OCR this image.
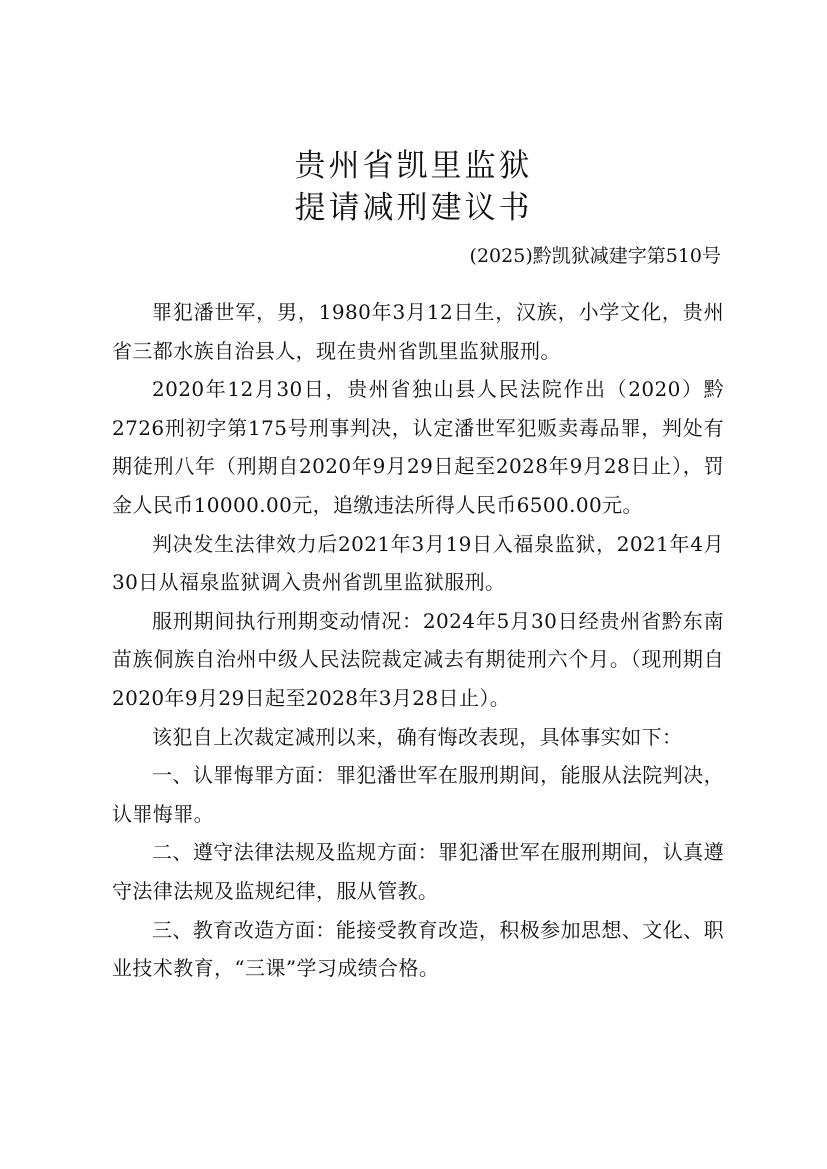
贵州省凯里监狱
提请减刑建议书
(2025)黔凯狱减建字第510号

罪犯潘世军，男，1980年3月12日生，汉族，小学文化，贵州省三都水族自治县人，现在贵州省凯里监狱服刑。

2020年12月30日，贵州省独山县人民法院作出（2020）黔2726刑初字第175号刑事判决，认定潘世军犯贩卖毒品罪，判处有期徒刑八年（刑期自2020年9月29日起至2028年9月28日止），罚金人民币10000.00元，追缴违法所得人民币6500.00元。

判决发生法律效力后2021年3月19日入福泉监狱，2021年4月30日从福泉监狱调入贵州省凯里监狱服刑。

服刑期间执行刑期变动情况：2024年5月30日经贵州省黔东南苗族侗族自治州中级人民法院裁定减去有期徒刑六个月。（现刑期自2020年9月29日起至2028年3月28日止）。

该犯自上次裁定减刑以来，确有悔改表现，具体事实如下：

一、认罪悔罪方面：罪犯潘世军在服刑期间，能服从法院判决，认罪悔罪。

二、遵守法律法规及监规方面：罪犯潘世军在服刑期间，认真遵守法律法规及监规纪律，服从管教。

三、教育改造方面：能接受教育改造，积极参加思想、文化、职业技术教育，“三课”学习成绩合格。
